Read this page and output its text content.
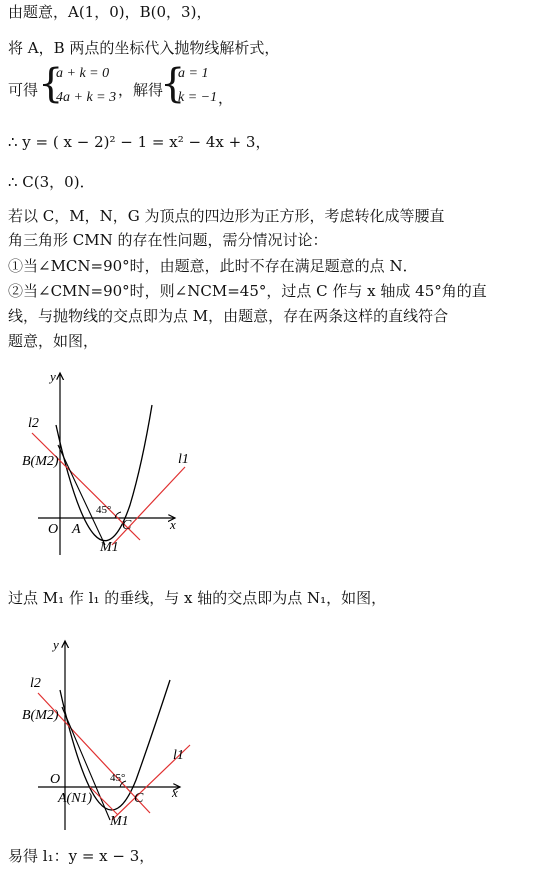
由题意，A(1，0)，B(0，3)，
将 A，B 两点的坐标代入抛物线解析式，
可得 {
a + k = 0
4a + k = 3 ，解得
{
a = 1
k = −1 ，
∴ y = ( x − 2)² − 1 = x² − 4x + 3，
∴ C(3，0)．
若以 C，M，N，G 为顶点的四边形为正方形，考虑转化成等腰直
角三角形 CMN 的存在性问题，需分情况讨论：
①当∠MCN=90°时，由题意，此时不存在满足题意的点 N．
②当∠CMN=90°时，则∠NCM=45°，过点 C 作与 x 轴成 45°角的直
线，与抛物线的交点即为点 M，由题意，存在两条这样的直线符合
题意，如图，
y
l2
B(M2)	l1
45°
O A	C	x
M1
过点 M₁ 作 l₁ 的垂线，与 x 轴的交点即为点 N₁，如图，
y
l2
B(M2)
l1
45°
O
A(N1)	C x
M1
易得 l₁：y = x − 3，
